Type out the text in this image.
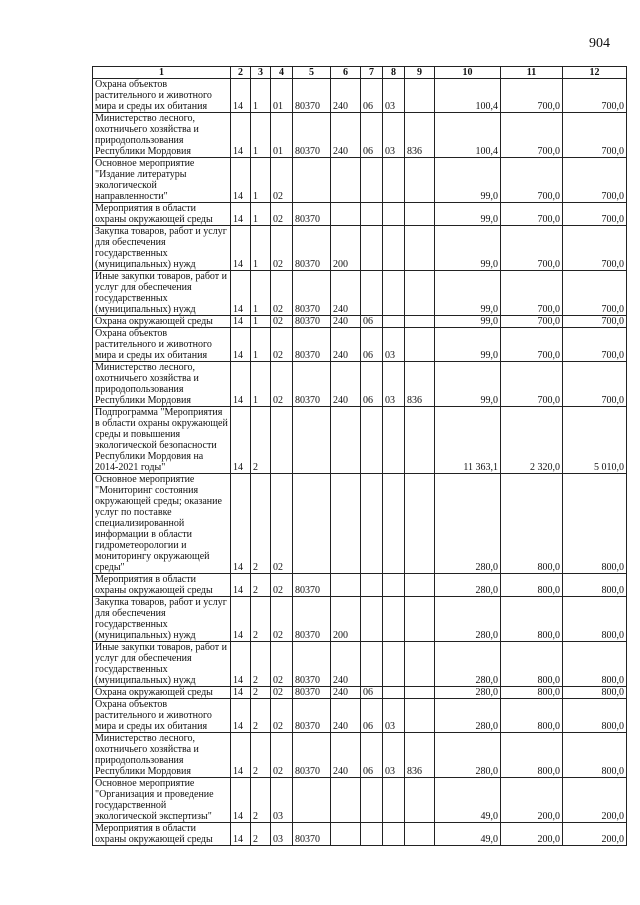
904
1	2	3	4	5	6	7	8	9	10	11	12
Охрана объектов растительного и животного мира и среды их обитания	14	1	01	80370	240	06	03		100,4	700,0	700,0
Министерство лесного, охотничьего хозяйства и природопользования Республики Мордовия	14	1	01	80370	240	06	03	836	100,4	700,0	700,0
Основное мероприятие "Издание литературы экологической направленности"	14	1	02						99,0	700,0	700,0
Мероприятия в области охраны окружающей среды	14	1	02	80370					99,0	700,0	700,0
Закупка товаров, работ и услуг для обеспечения государственных (муниципальных) нужд	14	1	02	80370	200				99,0	700,0	700,0
Иные закупки товаров, работ и услуг для обеспечения государственных (муниципальных) нужд	14	1	02	80370	240				99,0	700,0	700,0
Охрана окружающей среды	14	1	02	80370	240	06			99,0	700,0	700,0
Охрана объектов растительного и животного мира и среды их обитания	14	1	02	80370	240	06	03		99,0	700,0	700,0
Министерство лесного, охотничьего хозяйства и природопользования Республики Мордовия	14	1	02	80370	240	06	03	836	99,0	700,0	700,0
Подпрограмма "Мероприятия в области охраны окружающей среды и повышения экологической безопасности Республики Мордовия на 2014-2021 годы"	14	2							11 363,1	2 320,0	5 010,0
Основное мероприятие "Мониторинг состояния окружающей среды; оказание услуг по поставке специализированной информации в области гидрометеорологии и мониторингу окружающей среды"	14	2	02						280,0	800,0	800,0
Мероприятия в области охраны окружающей среды	14	2	02	80370					280,0	800,0	800,0
Закупка товаров, работ и услуг для обеспечения государственных (муниципальных) нужд	14	2	02	80370	200				280,0	800,0	800,0
Иные закупки товаров, работ и услуг для обеспечения государственных (муниципальных) нужд	14	2	02	80370	240				280,0	800,0	800,0
Охрана окружающей среды	14	2	02	80370	240	06			280,0	800,0	800,0
Охрана объектов растительного и животного мира и среды их обитания	14	2	02	80370	240	06	03		280,0	800,0	800,0
Министерство лесного, охотничьего хозяйства и природопользования Республики Мордовия	14	2	02	80370	240	06	03	836	280,0	800,0	800,0
Основное мероприятие "Организация и проведение государственной экологической экспертизы"	14	2	03						49,0	200,0	200,0
Мероприятия в области охраны окружающей среды	14	2	03	80370					49,0	200,0	200,0
